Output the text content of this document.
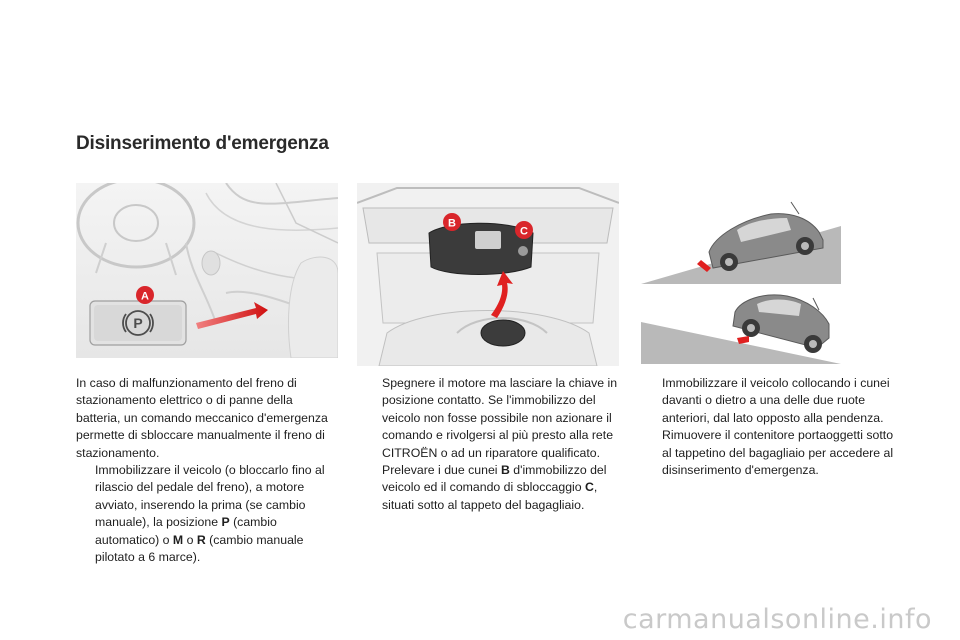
Disinserimento d'emergenza
P
A
B
C

In caso di malfunzionamento del freno di stazionamento elettrico o di panne della batteria, un comando meccanico d'emergenza permette di sbloccare manualmente il freno di stazionamento.

Immobilizzare il veicolo (o bloccarlo fino al rilascio del pedale del freno), a motore avviato, inserendo la prima (se cambio manuale), la posizione P (cambio automatico) o M o R (cambio manuale pilotato a 6 marce).

Spegnere il motore ma lasciare la chiave in posizione contatto. Se l'immobilizzo del veicolo non fosse possibile non azionare il comando e rivolgersi al più presto alla rete CITROËN o ad un riparatore qualificato.

Prelevare i due cunei B d'immobilizzo del veicolo ed il comando di sbloccaggio C, situati sotto al tappeto del bagagliaio.

Immobilizzare il veicolo collocando i cunei davanti o dietro a una delle due ruote anteriori, dal lato opposto alla pendenza.

Rimuovere il contenitore portaoggetti sotto al tappetino del bagagliaio per accedere al disinserimento d'emergenza.

carmanualsonline.info
